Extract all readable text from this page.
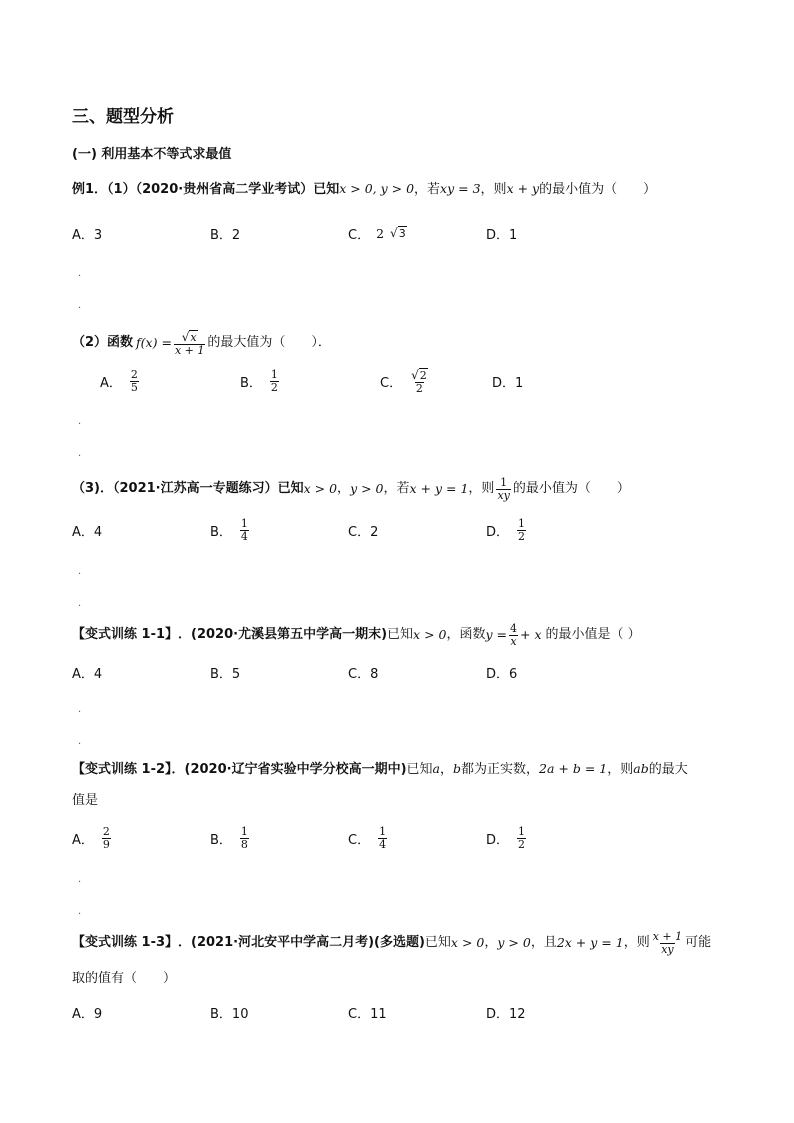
三、题型分析
(一) 利用基本不等式求最值
例1．（1）（2020·贵州省高二学业考试）已知x > 0, y > 0，若xy = 3，则x + y的最小值为（　　）
A．3	B．2	C． 2 √ 3	D．1
（2）函数 $f(x) = \frac{√ x}{x + 1}$ 的最大值为（　　）．
A． $\frac{2}{5}$	B． $\frac{1}{2}$	C． $\frac{√ 2}{2}$	D．1
（3)．（2021·江苏高一专题练习）已知 x > 0 ， y > 0 ，若 x + y = 1 ，则 $\frac{1}{xy}$ 的最小值为（　　）
A．4	B． $\frac{1}{4}$	C．2	D． $\frac{1}{2}$
【变式训练 1-1】 ．(2020·尤溪县第五中学高一期末) 已知 x > 0 ，函数 $y = \frac{4}{x} + x$ 的最小值是（ ）
A．4	B．5	C．8	D．6
【变式训练 1-2】．(2020·辽宁省实验中学分校高一期中)已知a，b都为正实数，2a + b = 1，则ab的最大
值是
A． $\frac{2}{9}$	B． $\frac{1}{8}$	C． $\frac{1}{4}$	D． $\frac{1}{2}$
【变式训练 1-3】 ．(2021·河北安平中学高二月考)(多选题) 已知 x > 0 ， y > 0 ，且 2x + y = 1 ，则 $\frac{x + 1}{xy}$ 可能
取的值有（　　）
A．9	B．10	C．11	D．12
·
·
·
·
·
·
·
·
·
·
